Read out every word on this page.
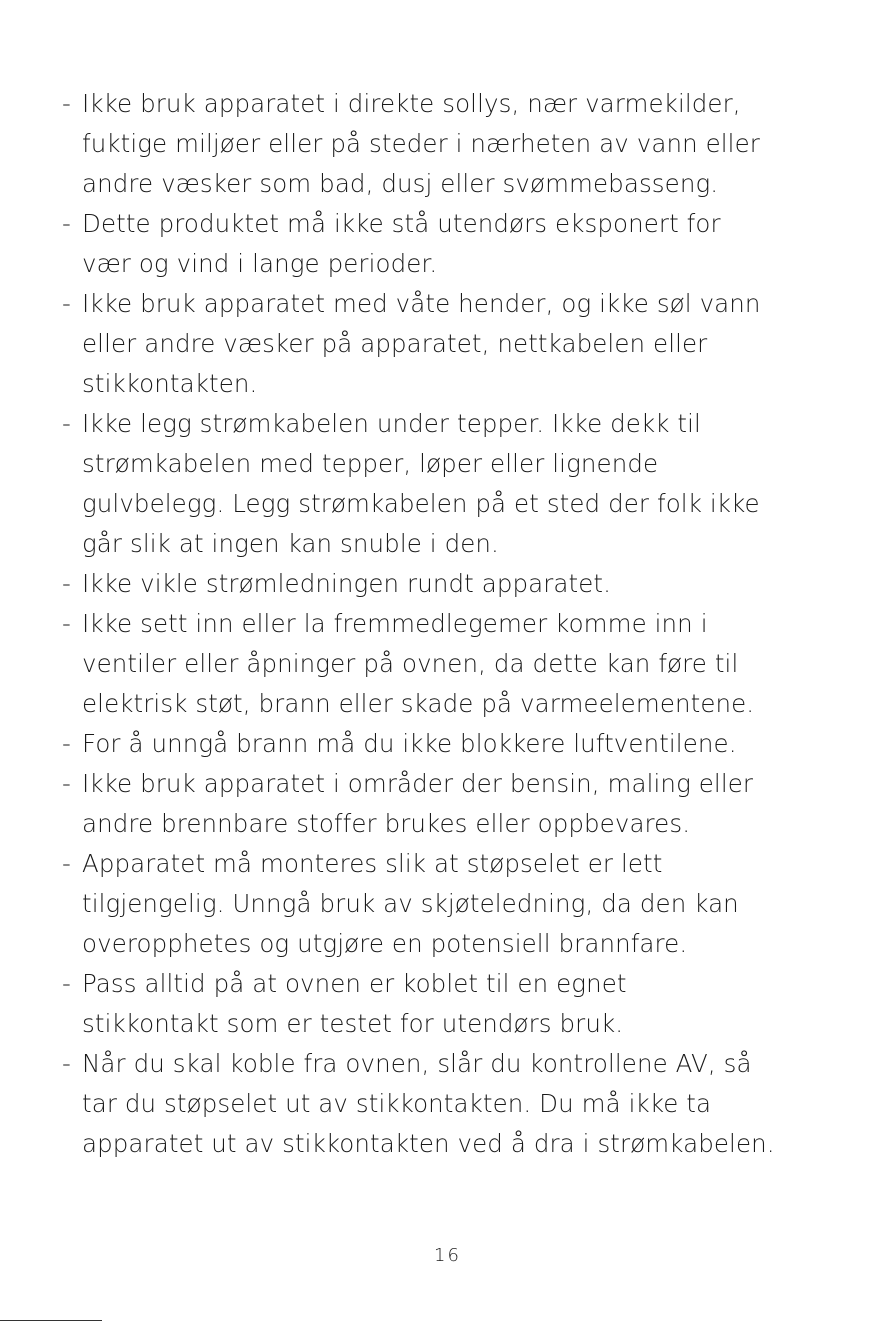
- Ikke bruk apparatet i direkte sollys, nær varmekilder,
fuktige miljøer eller på steder i nærheten av vann eller
andre væsker som bad, dusj eller svømmebasseng.
- Dette produktet må ikke stå utendørs eksponert for
vær og vind i lange perioder.
- Ikke bruk apparatet med våte hender, og ikke søl vann
eller andre væsker på apparatet, nettkabelen eller
stikkontakten.
- Ikke legg strømkabelen under tepper. Ikke dekk til
strømkabelen med tepper, løper eller lignende
gulvbelegg. Legg strømkabelen på et sted der folk ikke
går slik at ingen kan snuble i den.
- Ikke vikle strømledningen rundt apparatet.
- Ikke sett inn eller la fremmedlegemer komme inn i
ventiler eller åpninger på ovnen, da dette kan føre til
elektrisk støt, brann eller skade på varmeelementene.
- For å unngå brann må du ikke blokkere luftventilene.
- Ikke bruk apparatet i områder der bensin, maling eller
andre brennbare stoffer brukes eller oppbevares.
- Apparatet må monteres slik at støpselet er lett
tilgjengelig. Unngå bruk av skjøteledning, da den kan
overopphetes og utgjøre en potensiell brannfare.
- Pass alltid på at ovnen er koblet til en egnet
stikkontakt som er testet for utendørs bruk.
- Når du skal koble fra ovnen, slår du kontrollene AV, så
tar du støpselet ut av stikkontakten. Du må ikke ta
apparatet ut av stikkontakten ved å dra i strømkabelen.
16
